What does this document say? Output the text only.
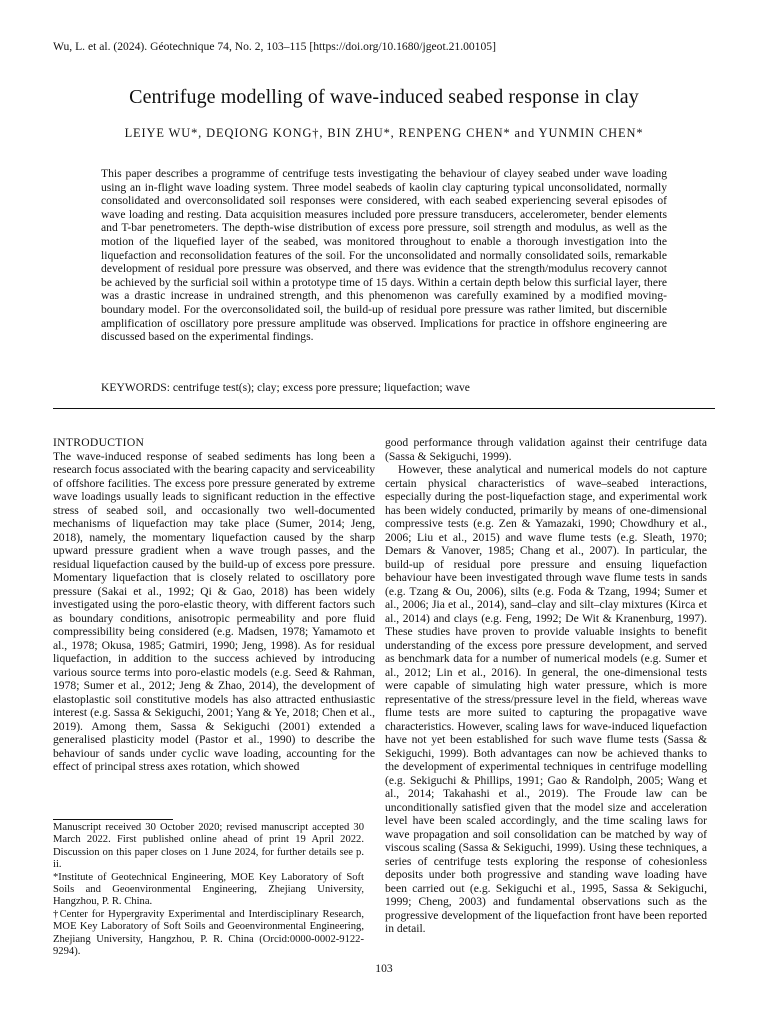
Wu, L. et al. (2024). Géotechnique 74, No. 2, 103–115 [https://doi.org/10.1680/jgeot.21.00105]
Centrifuge modelling of wave-induced seabed response in clay
LEIYE WU*, DEQIONG KONG†, BIN ZHU*, RENPENG CHEN* and YUNMIN CHEN*
This paper describes a programme of centrifuge tests investigating the behaviour of clayey seabed under wave loading using an in-flight wave loading system. Three model seabeds of kaolin clay capturing typical unconsolidated, normally consolidated and overconsolidated soil responses were considered, with each seabed experiencing several episodes of wave loading and resting. Data acquisition measures included pore pressure transducers, accelerometer, bender elements and T-bar penetrometers. The depth-wise distribution of excess pore pressure, soil strength and modulus, as well as the motion of the liquefied layer of the seabed, was monitored throughout to enable a thorough investigation into the liquefaction and reconsolidation features of the soil. For the unconsolidated and normally consolidated soils, remarkable development of residual pore pressure was observed, and there was evidence that the strength/modulus recovery cannot be achieved by the surficial soil within a prototype time of 15 days. Within a certain depth below this surficial layer, there was a drastic increase in undrained strength, and this phenomenon was carefully examined by a modified moving-boundary model. For the overconsolidated soil, the build-up of residual pore pressure was rather limited, but discernible amplification of oscillatory pore pressure amplitude was observed. Implications for practice in offshore engineering are discussed based on the experimental findings.
KEYWORDS: centrifuge test(s); clay; excess pore pressure; liquefaction; wave
INTRODUCTION

The wave-induced response of seabed sediments has long been a research focus associated with the bearing capacity and serviceability of offshore facilities. The excess pore pressure generated by extreme wave loadings usually leads to significant reduction in the effective stress of seabed soil, and occasionally two well-documented mechanisms of liquefaction may take place (Sumer, 2014; Jeng, 2018), namely, the momentary liquefaction caused by the sharp upward pressure gradient when a wave trough passes, and the residual liquefaction caused by the build-up of excess pore pressure. Momentary liquefaction that is closely related to oscillatory pore pressure (Sakai et al., 1992; Qi & Gao, 2018) has been widely investigated using the poro-elastic theory, with different factors such as boundary conditions, anisotropic permeability and pore fluid compressibility being considered (e.g. Madsen, 1978; Yamamoto et al., 1978; Okusa, 1985; Gatmiri, 1990; Jeng, 1998). As for residual liquefaction, in addition to the success achieved by introducing various source terms into poro-elastic models (e.g. Seed & Rahman, 1978; Sumer et al., 2012; Jeng & Zhao, 2014), the development of elastoplastic soil constitutive models has also attracted enthusiastic interest (e.g. Sassa & Sekiguchi, 2001; Yang & Ye, 2018; Chen et al., 2019). Among them, Sassa & Sekiguchi (2001) extended a generalised plasticity model (Pastor et al., 1990) to describe the behaviour of sands under cyclic wave loading, accounting for the effect of principal stress axes rotation, which showed

good performance through validation against their centrifuge data (Sassa & Sekiguchi, 1999).

However, these analytical and numerical models do not capture certain physical characteristics of wave–seabed interactions, especially during the post-liquefaction stage, and experimental work has been widely conducted, primarily by means of one-dimensional compressive tests (e.g. Zen & Yamazaki, 1990; Chowdhury et al., 2006; Liu et al., 2015) and wave flume tests (e.g. Sleath, 1970; Demars & Vanover, 1985; Chang et al., 2007). In particular, the build-up of residual pore pressure and ensuing liquefaction behaviour have been investigated through wave flume tests in sands (e.g. Tzang & Ou, 2006), silts (e.g. Foda & Tzang, 1994; Sumer et al., 2006; Jia et al., 2014), sand–clay and silt–clay mixtures (Kirca et al., 2014) and clays (e.g. Feng, 1992; De Wit & Kranenburg, 1997). These studies have proven to provide valuable insights to benefit understanding of the excess pore pressure development, and served as benchmark data for a number of numerical models (e.g. Sumer et al., 2012; Lin et al., 2016). In general, the one-dimensional tests were capable of simulating high water pressure, which is more representative of the stress/pressure level in the field, whereas wave flume tests are more suited to capturing the propagative wave characteristics. However, scaling laws for wave-induced liquefaction have not yet been established for such wave flume tests (Sassa & Sekiguchi, 1999). Both advantages can now be achieved thanks to the development of experimental techniques in centrifuge modelling (e.g. Sekiguchi & Phillips, 1991; Gao & Randolph, 2005; Wang et al., 2014; Takahashi et al., 2019). The Froude law can be unconditionally satisfied given that the model size and acceleration level have been scaled accordingly, and the time scaling laws for wave propagation and soil consolidation can be matched by way of viscous scaling (Sassa & Sekiguchi, 1999). Using these techniques, a series of centrifuge tests exploring the response of cohesionless deposits under both progressive and standing wave loading have been carried out (e.g. Sekiguchi et al., 1995, Sassa & Sekiguchi, 1999; Cheng, 2003) and fundamental observations such as the progressive development of the liquefaction front have been reported in detail.

Manuscript received 30 October 2020; revised manuscript accepted 30 March 2022. First published online ahead of print 19 April 2022. Discussion on this paper closes on 1 June 2024, for further details see p. ii.

*Institute of Geotechnical Engineering, MOE Key Laboratory of Soft Soils and Geoenvironmental Engineering, Zhejiang University, Hangzhou, P. R. China.

†Center for Hypergravity Experimental and Interdisciplinary Research, MOE Key Laboratory of Soft Soils and Geoenvironmental Engineering, Zhejiang University, Hangzhou, P. R. China (Orcid:0000-0002-9122-9294).

103
